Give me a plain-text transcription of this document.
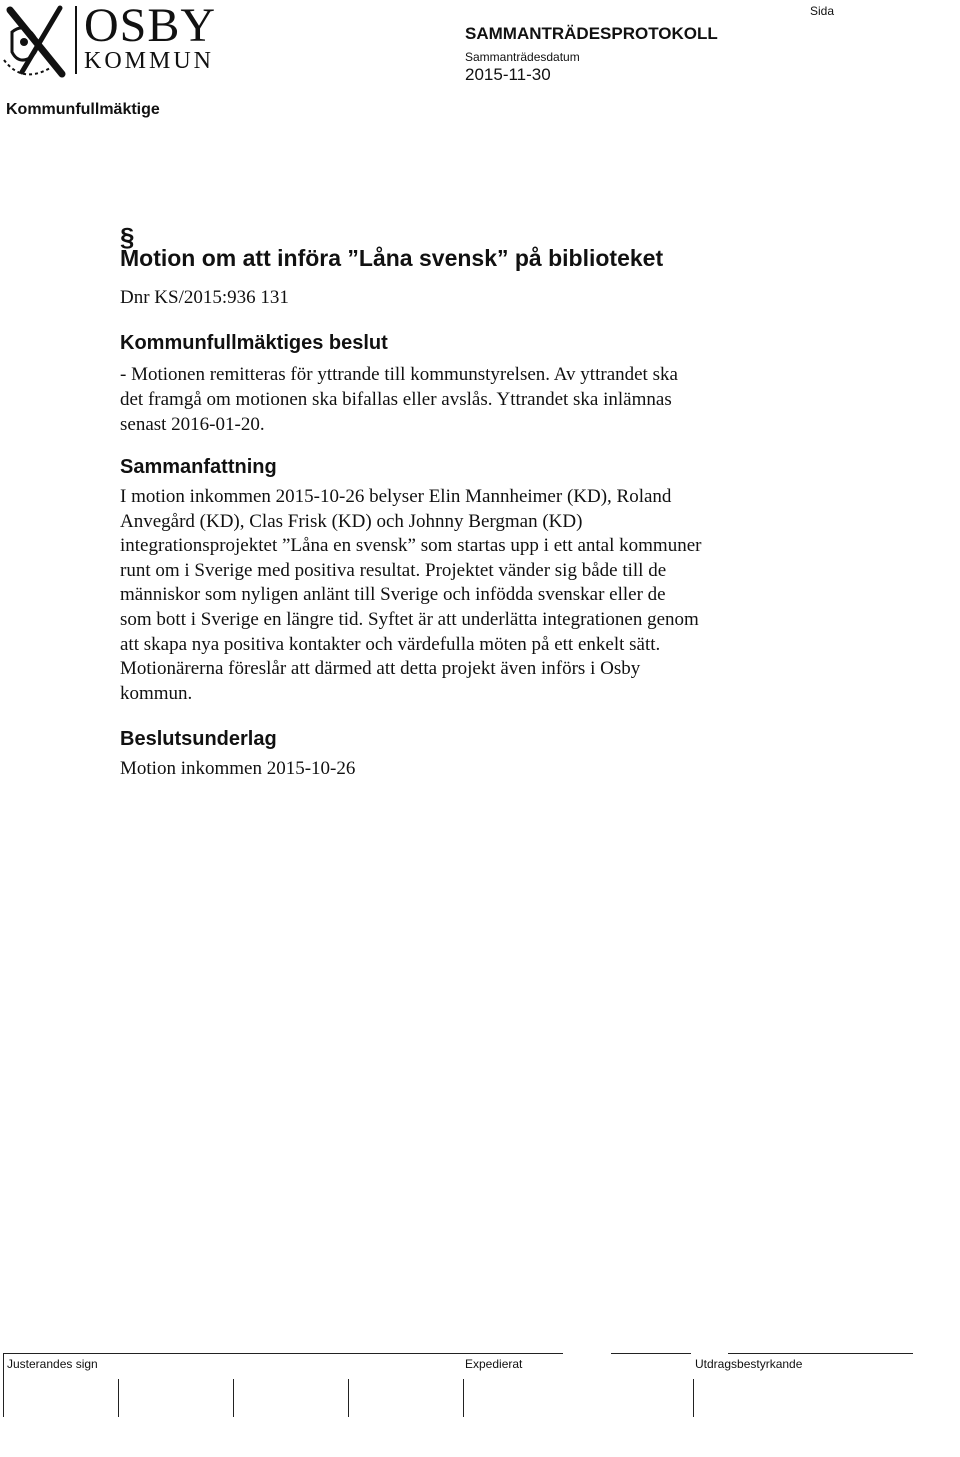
OSBY
KOMMUN
SAMMANTRÄDESPROTOKOLL
Sammanträdesdatum
2015-11-30
Sida
Kommunfullmäktige
§
Motion om att införa ”Låna svensk” på biblioteket
Dnr KS/2015:936 131
Kommunfullmäktiges beslut

- Motionen remitteras för yttrande till kommunstyrelsen. Av yttrandet ska

det framgå om motionen ska bifallas eller avslås. Yttrandet ska inlämnas

senast 2016-01-20.

Sammanfattning

I motion inkommen 2015-10-26 belyser Elin Mannheimer (KD), Roland

Anvegård (KD), Clas Frisk (KD) och Johnny Bergman (KD)

integrationsprojektet ”Låna en svensk” som startas upp i ett antal kommuner

runt om i Sverige med positiva resultat. Projektet vänder sig både till de

människor som nyligen anlänt till Sverige och infödda svenskar eller de

som bott i Sverige en längre tid. Syftet är att underlätta integrationen genom

att skapa nya positiva kontakter och värdefulla möten på ett enkelt sätt.

Motionärerna föreslår att därmed att detta projekt även införs i Osby

kommun.

Beslutsunderlag
Motion inkommen 2015-10-26
Justerandes sign	Expedierat	Utdragsbestyrkande
